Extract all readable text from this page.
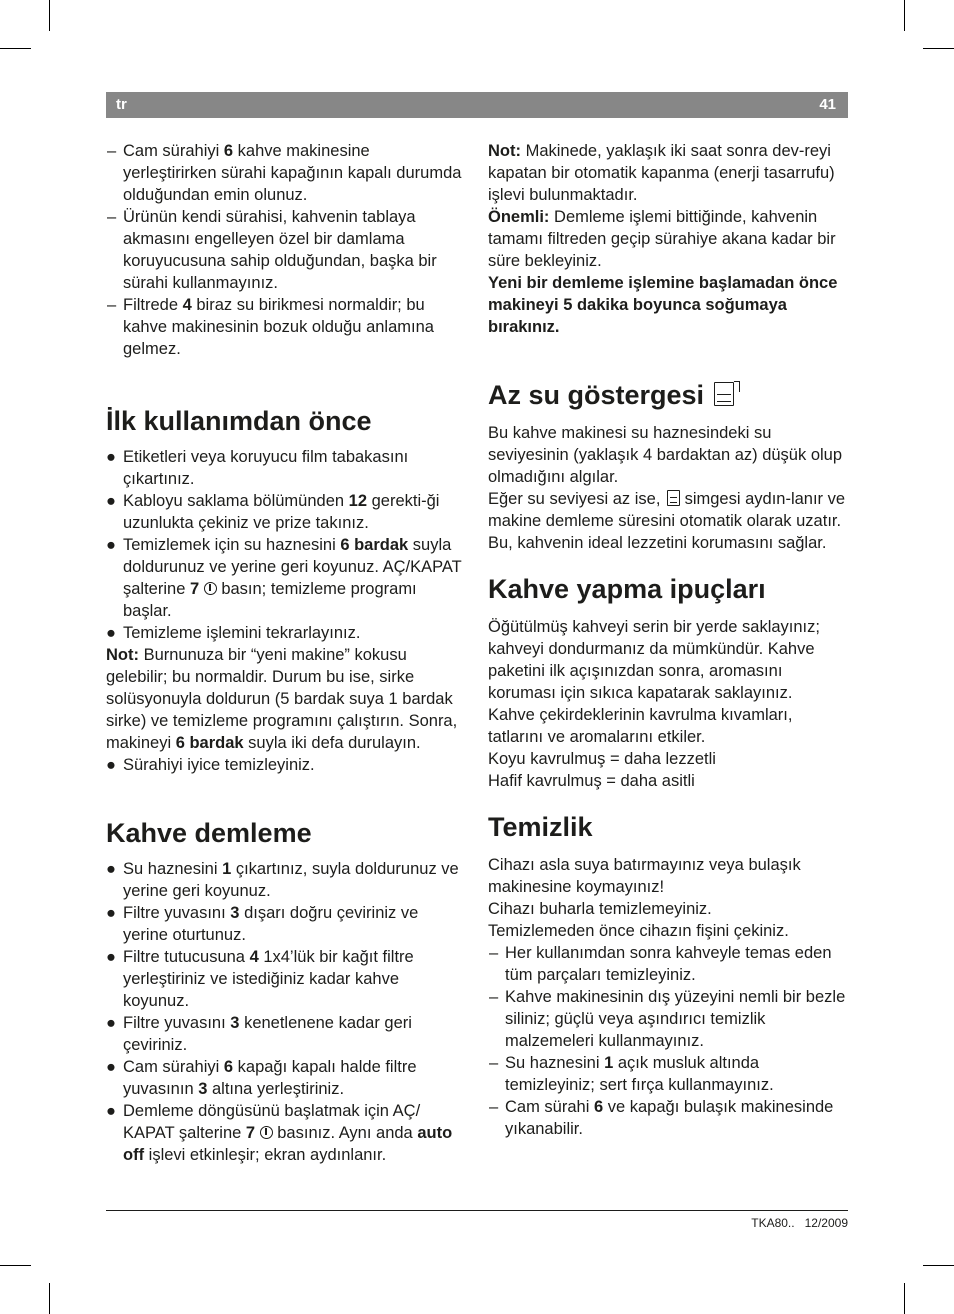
tr	41
– Cam sürahiyi 6 kahve makinesine yerleştirirken sürahi kapağının kapalı durumda olduğundan emin olunuz.
– Ürünün kendi sürahisi, kahvenin tablaya akmasını engelleyen özel bir damlama koruyucusuna sahip olduğundan, başka bir sürahi kullanmayınız.
– Filtrede 4 biraz su birikmesi normaldir; bu kahve makinesinin bozuk olduğu anlamına gelmez.
İlk kullanımdan önce
● Etiketleri veya koruyucu film tabakasını çıkartınız.
● Kabloyu saklama bölümünden 12 gerekti-ği uzunlukta çekiniz ve prize takınız.
● Temizlemek için su haznesini 6 bardak suyla doldurunuz ve yerine geri koyunuz. AÇ/KAPAT şalterine 7  basın; temizleme programı başlar.
● Temizleme işlemini tekrarlayınız.

Not: Burnunuza bir “yeni makine” kokusu gelebilir; bu normaldir. Durum bu ise, sirke solüsyonuyla doldurun (5 bardak suya 1 bardak sirke) ve temizleme programını çalıştırın. Sonra, makineyi 6 bardak suyla iki defa durulayın.

● Sürahiyi iyice temizleyiniz.
Kahve demleme
● Su haznesini 1 çıkartınız, suyla doldurunuz ve yerine geri koyunuz.
● Filtre yuvasını 3 dışarı doğru çeviriniz ve yerine oturtunuz.
● Filtre tutucusuna 4 1x4’lük bir kağıt filtre yerleştiriniz ve istediğiniz kadar kahve koyunuz.
● Filtre yuvasını 3 kenetlenene kadar geri çeviriniz.
● Cam sürahiyi 6 kapağı kapalı halde filtre yuvasının 3 altına yerleştiriniz.
● Demleme döngüsünü başlatmak için AÇ/ KAPAT şalterine 7  basınız. Aynı anda auto off işlevi etkinleşir; ekran aydınlanır.

Not: Makinede, yaklaşık iki saat sonra dev-reyi kapatan bir otomatik kapanma (enerji tasarrufu) işlevi bulunmaktadır.

Önemli: Demleme işlemi bittiğinde, kahvenin tamamı filtreden geçip sürahiye akana kadar bir süre bekleyiniz.

Yeni bir demleme işlemine başlamadan önce makineyi 5 dakika boyunca soğumaya bırakınız.

Az su göstergesi

Bu kahve makinesi su haznesindeki su seviyesinin (yaklaşık 4 bardaktan az) düşük olup olmadığını algılar.

Eğer su seviyesi az ise,  simgesi aydın-lanır ve makine demleme süresini otomatik olarak uzatır. Bu, kahvenin ideal lezzetini korumasını sağlar.

Kahve yapma ipuçları

Öğütülmüş kahveyi serin bir yerde saklayınız; kahveyi dondurmanız da mümkündür. Kahve paketini ilk açışınızdan sonra, aromasını koruması için sıkıca kapatarak saklayınız.

Kahve çekirdeklerinin kavrulma kıvamları, tatlarını ve aromalarını etkiler.

Koyu kavrulmuş = daha lezzetli

Hafif kavrulmuş = daha asitli

Temizlik

Cihazı asla suya batırmayınız veya bulaşık makinesine koymayınız!

Cihazı buharla temizlemeyiniz.

Temizlemeden önce cihazın fişini çekiniz.

– Her kullanımdan sonra kahveyle temas eden tüm parçaları temizleyiniz.
– Kahve makinesinin dış yüzeyini nemli bir bezle siliniz; güçlü veya aşındırıcı temizlik malzemeleri kullanmayınız.
– Su haznesini 1 açık musluk altında temizleyiniz; sert fırça kullanmayınız.
– Cam sürahi 6 ve kapağı bulaşık makinesinde yıkanabilir.
TKA80.. 12/2009
